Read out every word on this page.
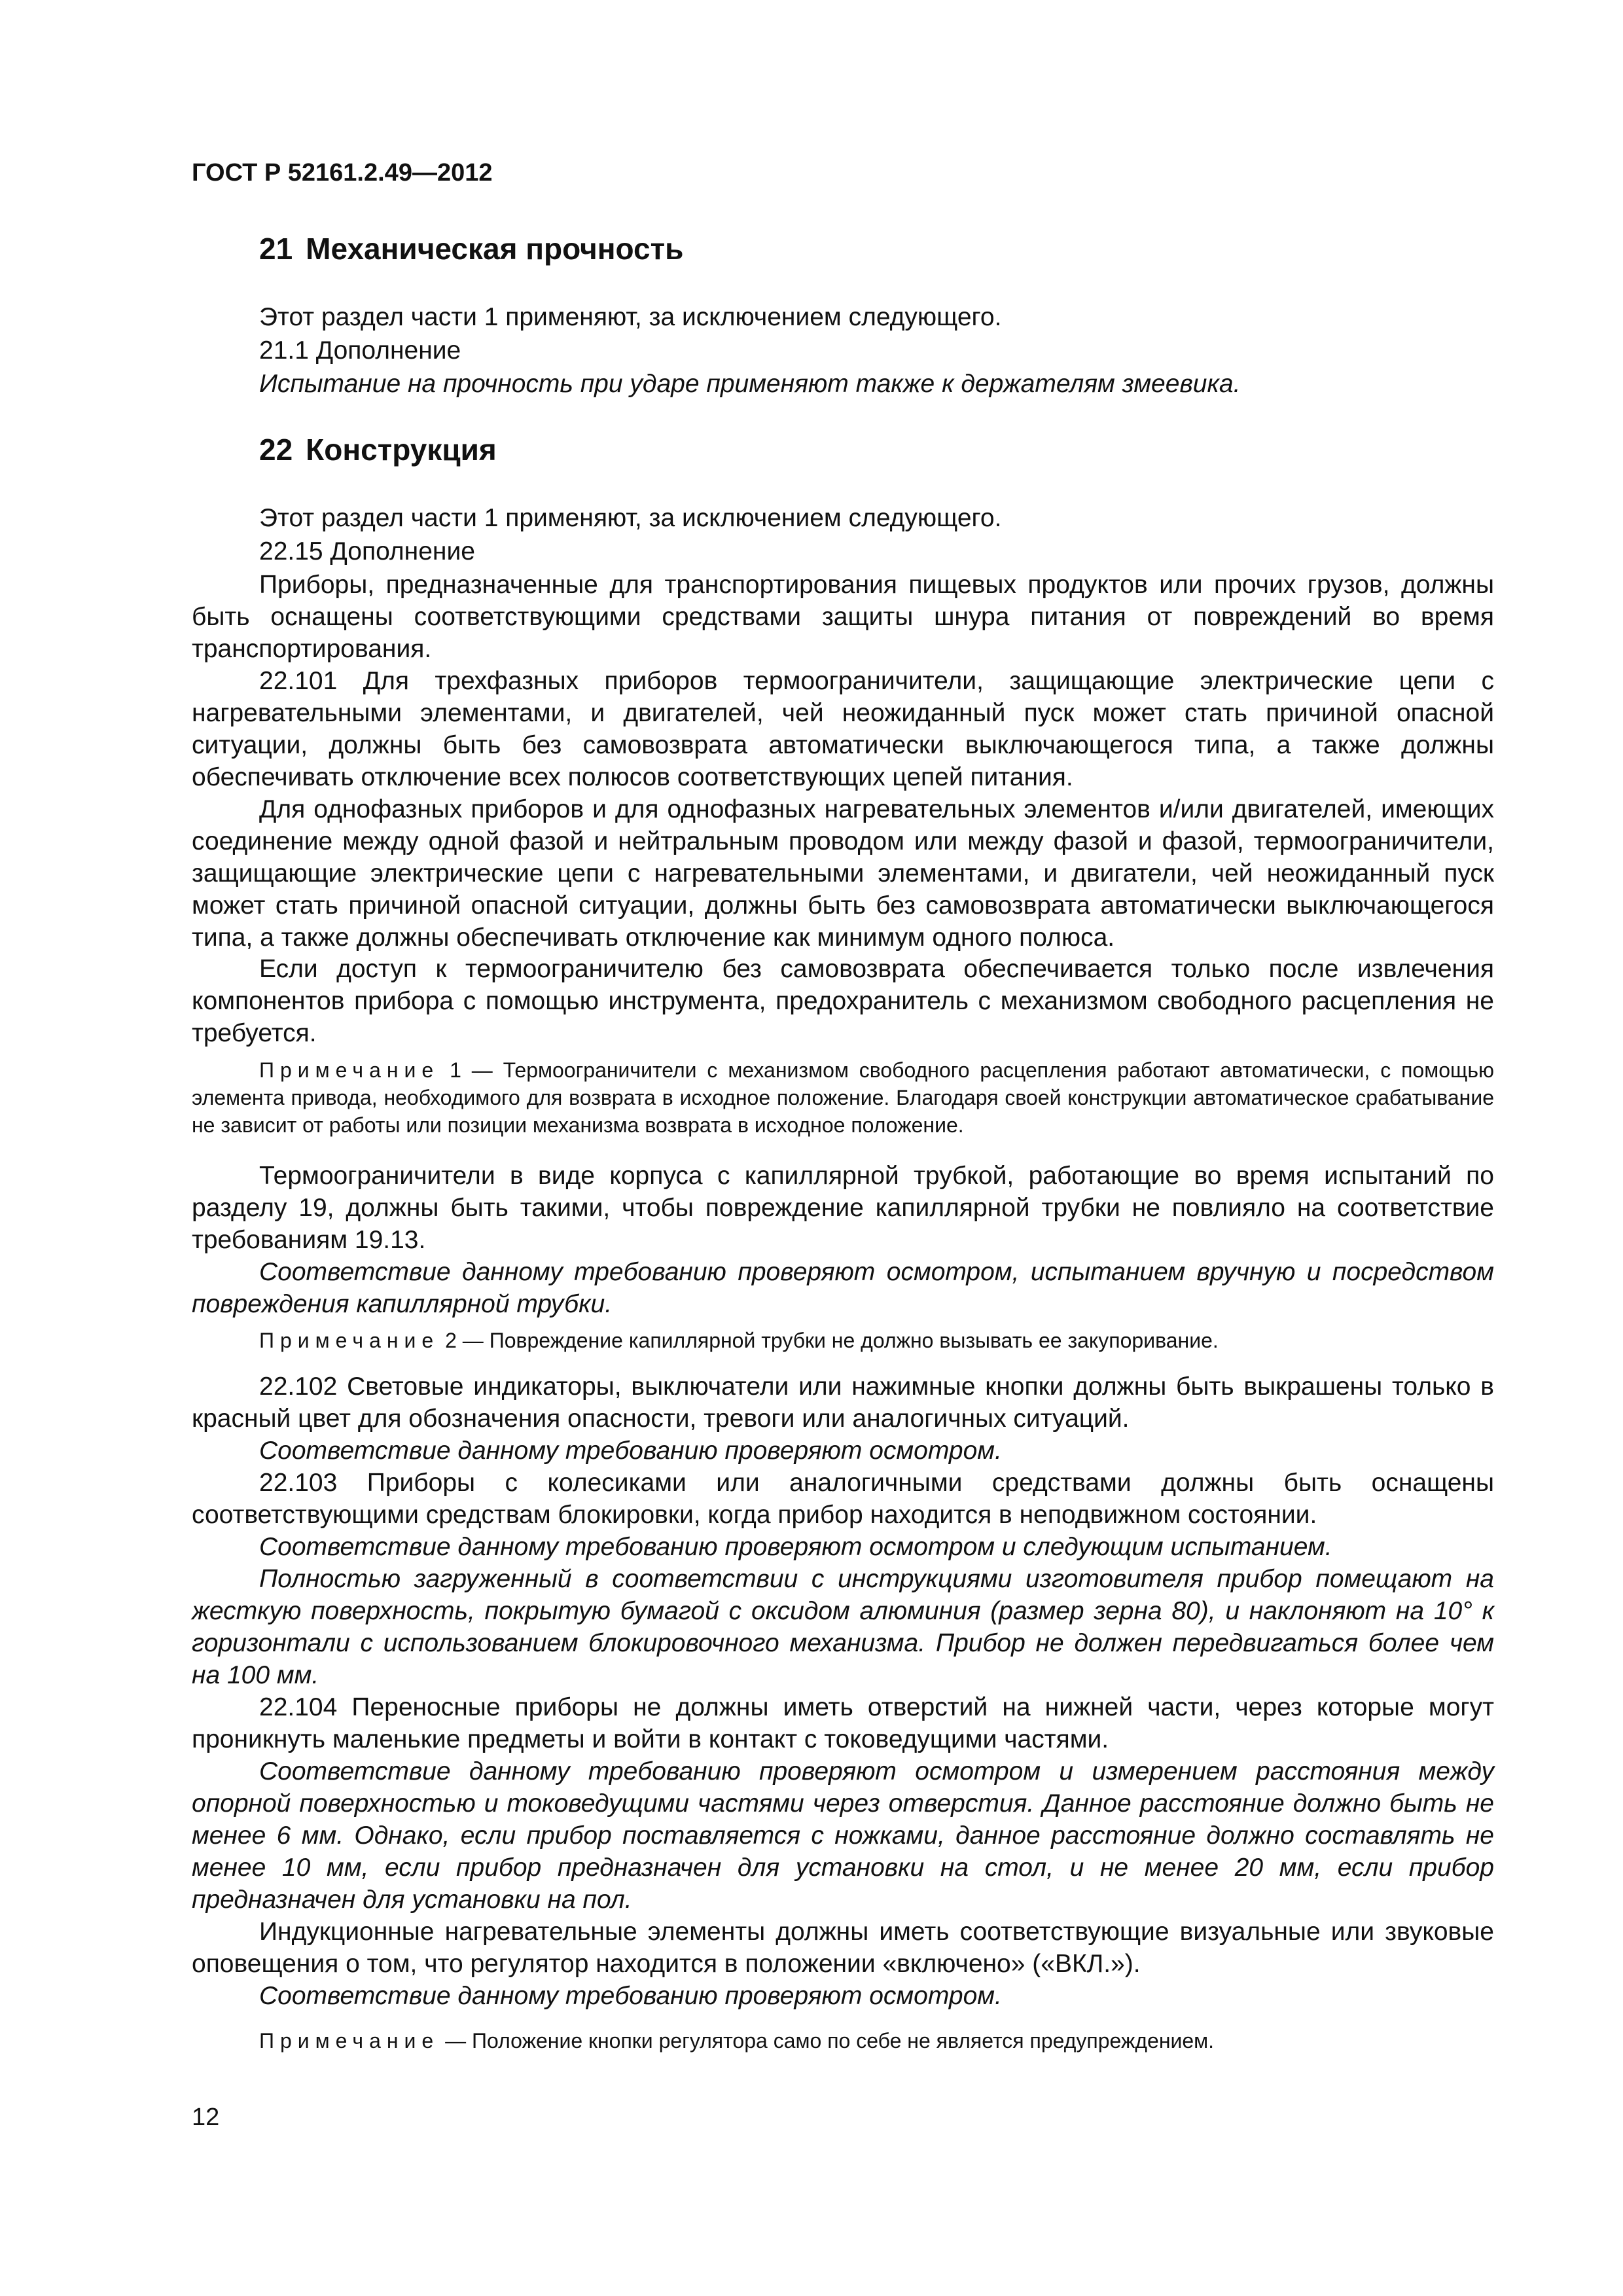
ГОСТ Р 52161.2.49—2012
21 Механическая прочность
Этот раздел части 1 применяют, за исключением следующего.
21.1 Дополнение
Испытание на прочность при ударе применяют также к держателям змеевика.
22 Конструкция
Этот раздел части 1 применяют, за исключением следующего.
22.15 Дополнение
Приборы, предназначенные для транспортирования пищевых продуктов или прочих грузов, должны быть оснащены соответствующими средствами защиты шнура питания от повреждений во время транспортирования.
22.101 Для трехфазных приборов термоограничители, защищающие электрические цепи с нагревательными элементами, и двигателей, чей неожиданный пуск может стать причиной опасной ситуации, должны быть без самовозврата автоматически выключающегося типа, а также должны обеспечивать отключение всех полюсов соответствующих цепей питания.
Для однофазных приборов и для однофазных нагревательных элементов и/или двигателей, имеющих соединение между одной фазой и нейтральным проводом или между фазой и фазой, термоограничители, защищающие электрические цепи с нагревательными элементами, и двигатели, чей неожиданный пуск может стать причиной опасной ситуации, должны быть без самовозврата автоматически выключающегося типа, а также должны обеспечивать отключение как минимум одного полюса.
Если доступ к термоограничителю без самовозврата обеспечивается только после извлечения компонентов прибора с помощью инструмента, предохранитель с механизмом свободного расцепления не требуется.
Примечание 1 — Термоограничители с механизмом свободного расцепления работают автоматически, с помощью элемента привода, необходимого для возврата в исходное положение. Благодаря своей конструкции автоматическое срабатывание не зависит от работы или позиции механизма возврата в исходное положение.
Термоограничители в виде корпуса с капиллярной трубкой, работающие во время испытаний по разделу 19, должны быть такими, чтобы повреждение капиллярной трубки не повлияло на соответствие требованиям 19.13.
Соответствие данному требованию проверяют осмотром, испытанием вручную и посредством повреждения капиллярной трубки.
Примечание 2 — Повреждение капиллярной трубки не должно вызывать ее закупоривание.
22.102 Световые индикаторы, выключатели или нажимные кнопки должны быть выкрашены только в красный цвет для обозначения опасности, тревоги или аналогичных ситуаций.
Соответствие данному требованию проверяют осмотром.
22.103 Приборы с колесиками или аналогичными средствами должны быть оснащены соответствующими средствам блокировки, когда прибор находится в неподвижном состоянии.
Соответствие данному требованию проверяют осмотром и следующим испытанием.
Полностью загруженный в соответствии с инструкциями изготовителя прибор помещают на жесткую поверхность, покрытую бумагой с оксидом алюминия (размер зерна 80), и наклоняют на 10° к горизонтали с использованием блокировочного механизма. Прибор не должен передвигаться более чем на 100 мм.
22.104 Переносные приборы не должны иметь отверстий на нижней части, через которые могут проникнуть маленькие предметы и войти в контакт с токоведущими частями.
Соответствие данному требованию проверяют осмотром и измерением расстояния между опорной поверхностью и токоведущими частями через отверстия. Данное расстояние должно быть не менее 6 мм. Однако, если прибор поставляется с ножками, данное расстояние должно составлять не менее 10 мм, если прибор предназначен для установки на стол, и не менее 20 мм, если прибор предназначен для установки на пол.
Индукционные нагревательные элементы должны иметь соответствующие визуальные или звуковые оповещения о том, что регулятор находится в положении «включено» («ВКЛ.»).
Соответствие данному требованию проверяют осмотром.
Примечание — Положение кнопки регулятора само по себе не является предупреждением.
12
